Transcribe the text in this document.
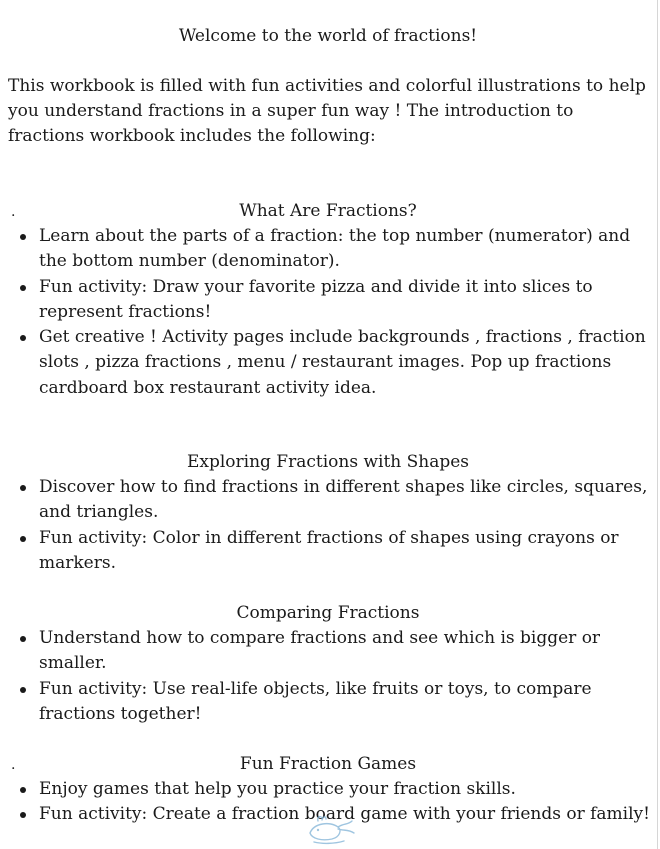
Welcome to the world of fractions!

This workbook is filled with fun activities and colorful illustrations to help you understand fractions in a super fun way ! The introduction to fractions workbook includes the following:

.	What Are Fractions?
Learn about the parts of a fraction: the top number (numerator) and the bottom number (denominator).
Fun activity: Draw your favorite pizza and divide it into slices to represent fractions!
Get creative ! Activity pages include backgrounds , fractions , fraction slots , pizza fractions , menu / restaurant images. Pop up fractions cardboard box restaurant activity idea.
Exploring Fractions with Shapes
Discover how to find fractions in different shapes like circles, squares, and triangles.
Fun activity: Color in different fractions of shapes using crayons or markers.
Comparing Fractions
Understand how to compare fractions and see which is bigger or smaller.
Fun activity: Use real-life objects, like fruits or toys, to compare fractions together!
.	Fun Fraction Games
Enjoy games that help you practice your fraction skills.
Fun activity: Create a fraction board game with your friends or family!
